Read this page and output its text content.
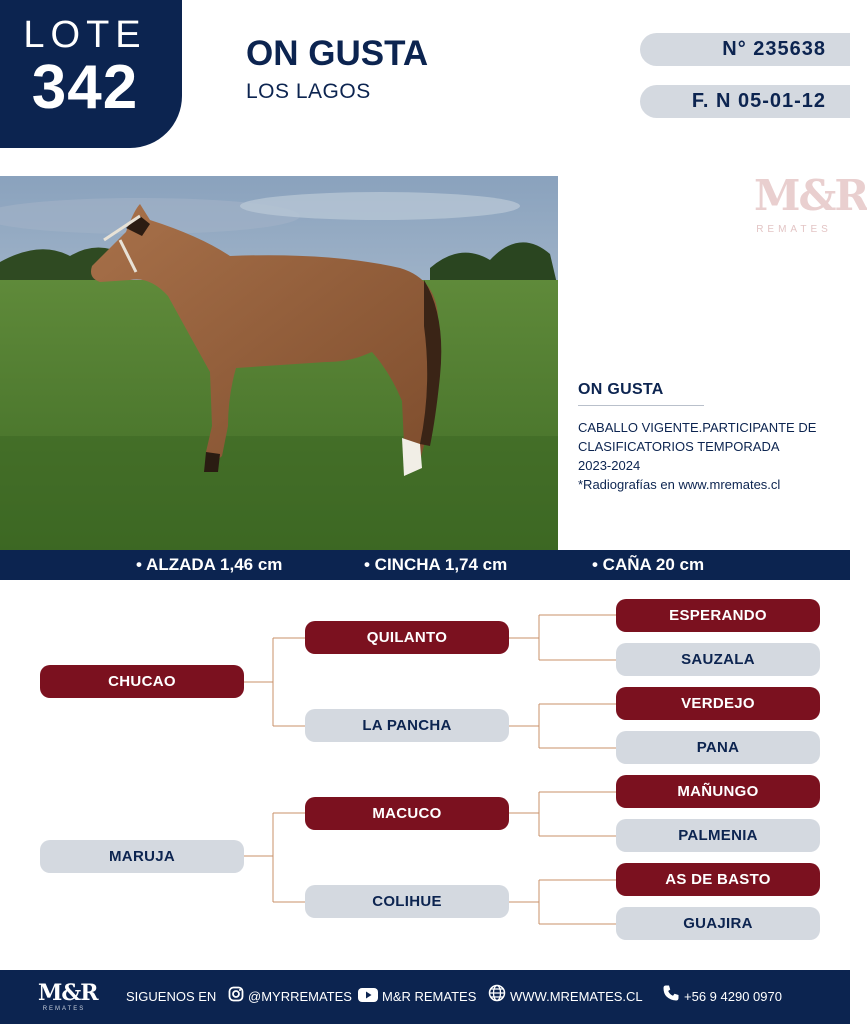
LOTE
342	ON GUSTA
LOS LAGOS
N° 235638
F. N 05-01-12
M&R
REMATES
ON GUSTA
CABALLO VIGENTE.PARTICIPANTE DE
CLASIFICATORIOS TEMPORADA
2023-2024
*Radiografías en www.mremates.cl
• ALZADA 1,46 cm	• CINCHA 1,74 cm	• CAÑA 20 cm
CHUCAO
MARUJA
QUILANTO
LA PANCHA
MACUCO
COLIHUE
ESPERANDO
SAUZALA
VERDEJO
PANA
MAÑUNGO
PALMENIA
AS DE BASTO
GUAJIRA
M&R
REMATES
SIGUENOS EN	@MYRREMATES	M&R REMATES	WWW.MREMATES.CL	+56 9 4290 0970
